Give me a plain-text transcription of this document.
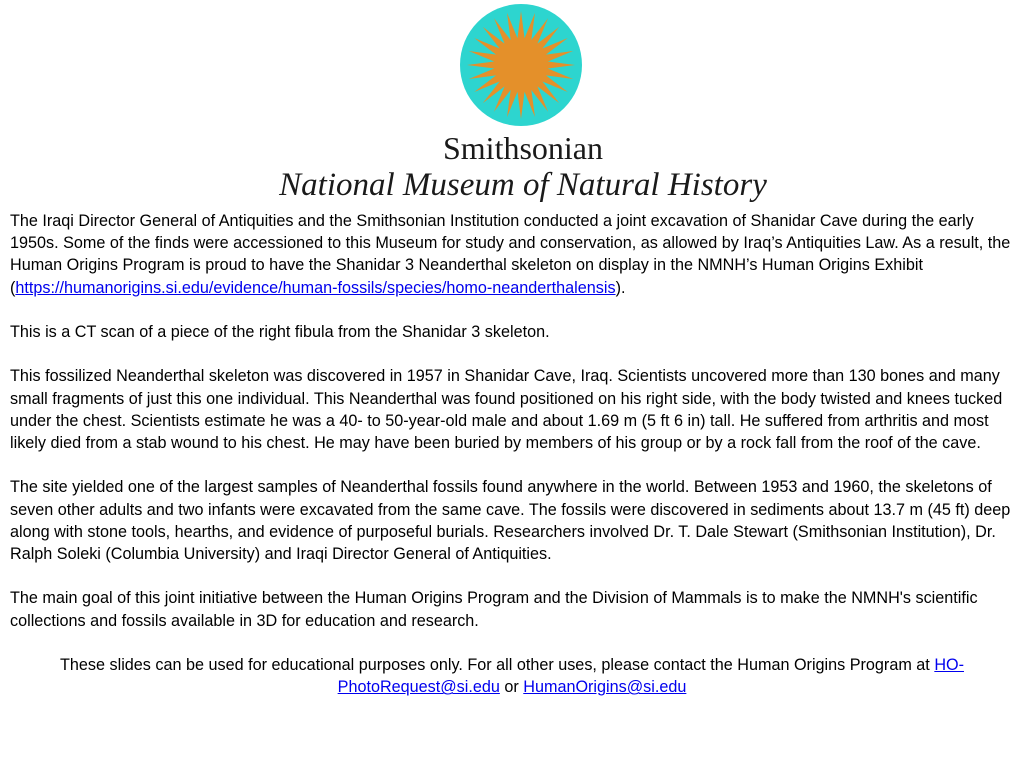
Smithsonian
National Museum of Natural History

The Iraqi Director General of Antiquities and the Smithsonian Institution conducted a joint excavation of Shanidar Cave during the early 1950s. Some of the finds were accessioned to this Museum for study and conservation, as allowed by Iraq’s Antiquities Law. As a result, the Human Origins Program is proud to have the Shanidar 3 Neanderthal skeleton on display in the NMNH’s Human Origins Exhibit (https://humanorigins.si.edu/evidence/human-fossils/species/homo-neanderthalensis).

This is a CT scan of a piece of the right fibula from the Shanidar 3 skeleton.

This fossilized Neanderthal skeleton was discovered in 1957 in Shanidar Cave, Iraq. Scientists uncovered more than 130 bones and many small fragments of just this one individual. This Neanderthal was found positioned on his right side, with the body twisted and knees tucked under the chest. Scientists estimate he was a 40- to 50-year-old male and about 1.69 m (5 ft 6 in) tall. He suffered from arthritis and most likely died from a stab wound to his chest. He may have been buried by members of his group or by a rock fall from the roof of the cave.

The site yielded one of the largest samples of Neanderthal fossils found anywhere in the world. Between 1953 and 1960, the skeletons of seven other adults and two infants were excavated from the same cave. The fossils were discovered in sediments about 13.7 m (45 ft) deep along with stone tools, hearths, and evidence of purposeful burials. Researchers involved Dr. T. Dale Stewart (Smithsonian Institution), Dr. Ralph Soleki (Columbia University) and Iraqi Director General of Antiquities.

The main goal of this joint initiative between the Human Origins Program and the Division of Mammals is to make the NMNH's scientific collections and fossils available in 3D for education and research.

These slides can be used for educational purposes only. For all other uses, please contact the Human Origins Program at HO-PhotoRequest@si.edu or HumanOrigins@si.edu
